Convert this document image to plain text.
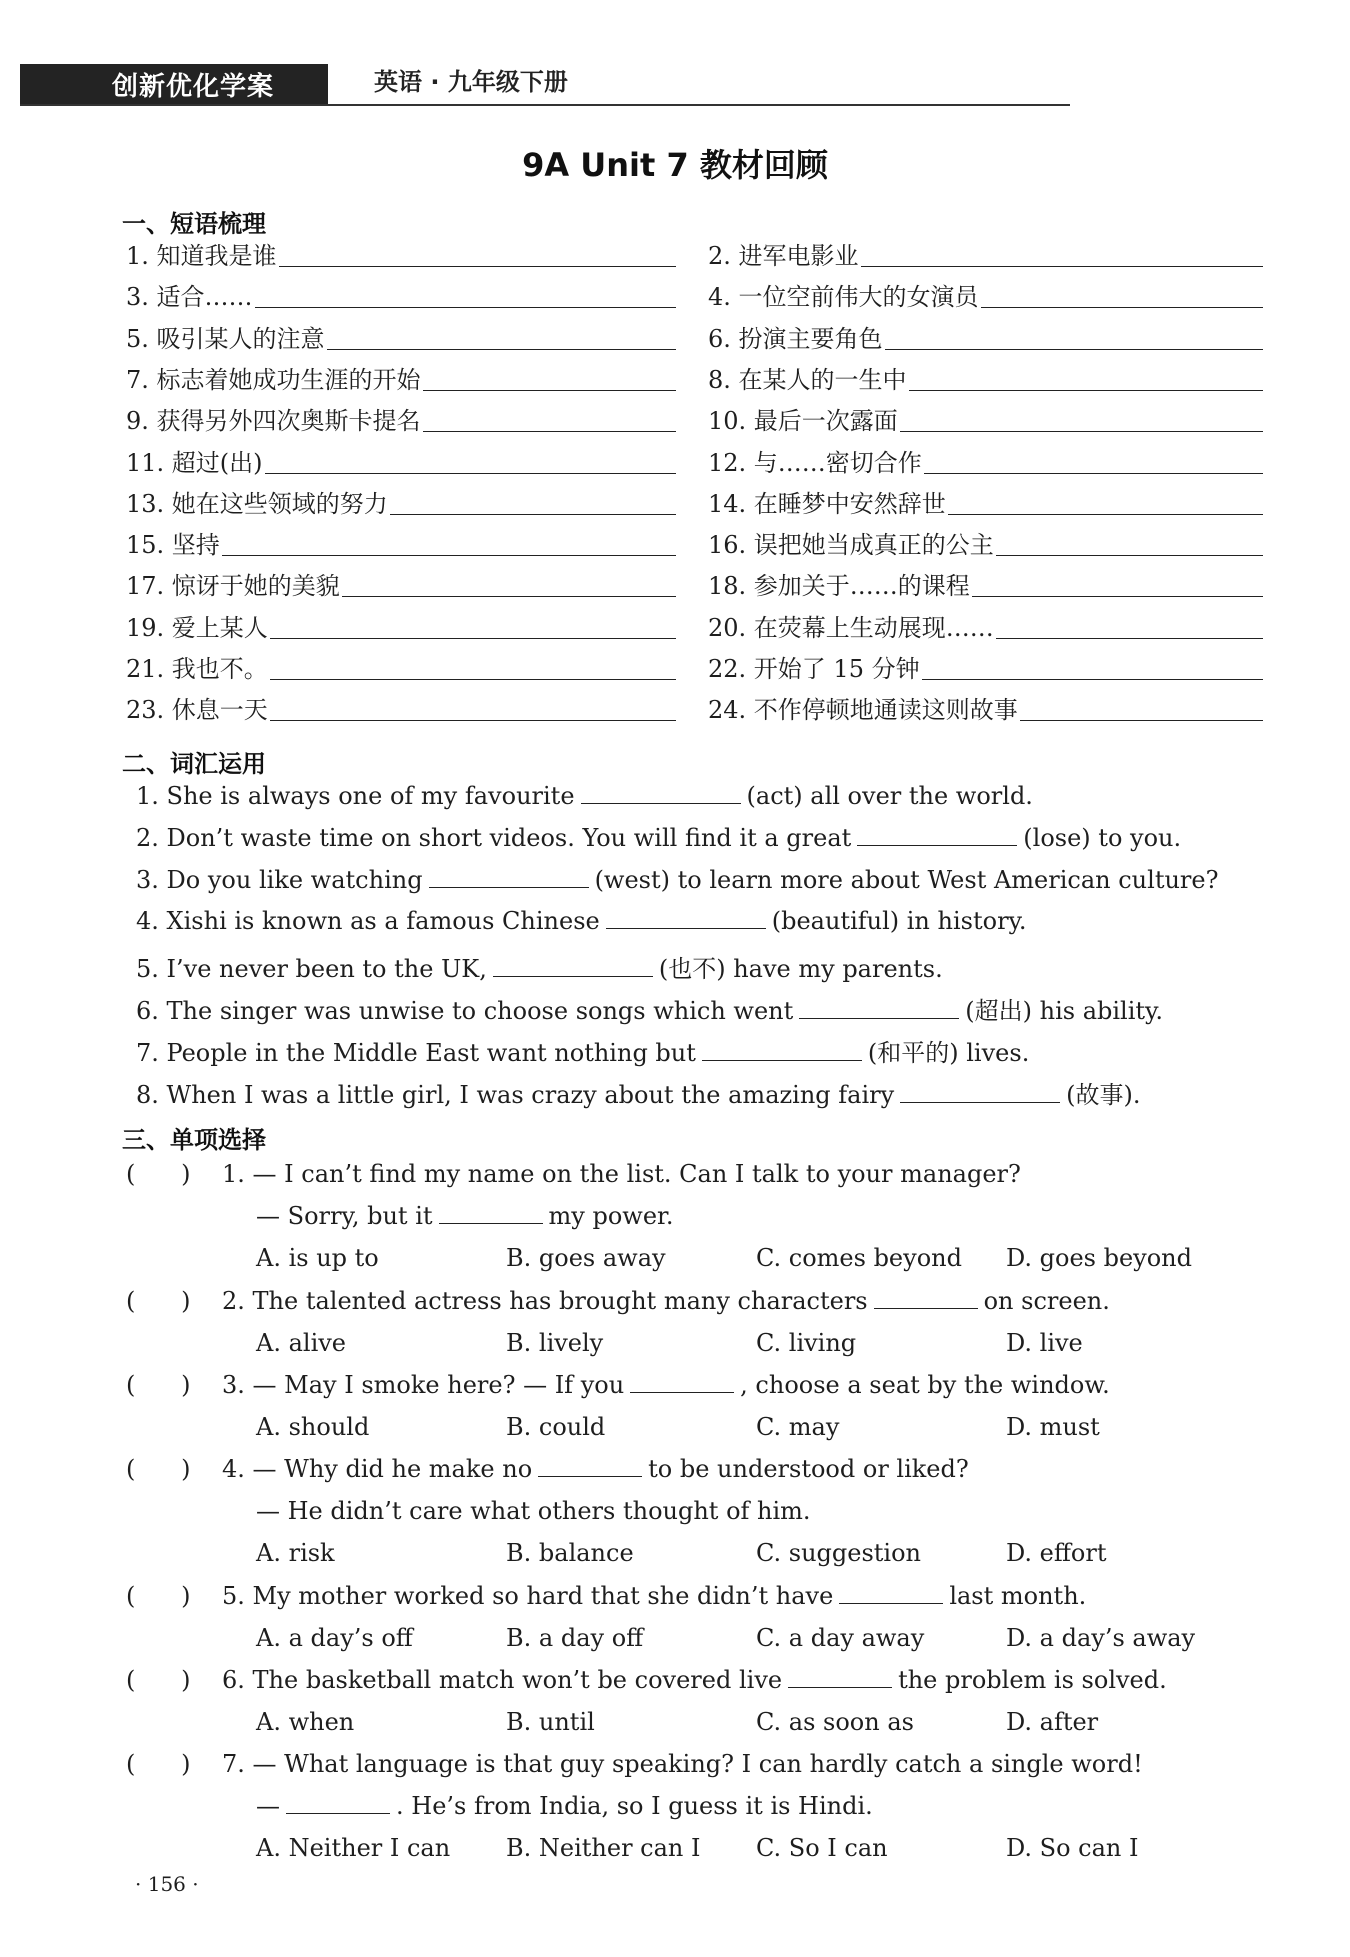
创新优化学案	英语 · 九年级下册
9A Unit 7 教材回顾
一、短语梳理
1. 知道我是谁	2. 进军电影业
3. 适合……	4. 一位空前伟大的女演员
5. 吸引某人的注意	6. 扮演主要角色
7. 标志着她成功生涯的开始	8. 在某人的一生中
9. 获得另外四次奥斯卡提名	10. 最后一次露面
11. 超过(出)	12. 与……密切合作
13. 她在这些领域的努力	14. 在睡梦中安然辞世
15. 坚持	16. 误把她当成真正的公主
17. 惊讶于她的美貌	18. 参加关于……的课程
19. 爱上某人	20. 在荧幕上生动展现……
21. 我也不。	22. 开始了 15 分钟
23. 休息一天	24. 不作停顿地通读这则故事
二、词汇运用
1. She is always one of my favourite	(act) all over the world.
2. Don’t waste time on short videos. You will find it a great	(lose) to you.
3. Do you like watching	(west) to learn more about West American culture?
4. Xishi is known as a famous Chinese	(beautiful) in history.
5. I’ve never been to the UK,	(也不) have my parents.
6. The singer was unwise to choose songs which went	(超出) his ability.
7. People in the Middle East want nothing but	(和平的) lives.
8. When I was a little girl, I was crazy about the amazing fairy	(故事).
三、单项选择
(      ) 1. — I can’t find my name on the list. Can I talk to your manager?
— Sorry, but it	my power.
A. is up to	B. goes away	C. comes beyond D. goes beyond
(      ) 2. The talented actress has brought many characters	on screen.
A. alive	B. lively	C. living	D. live
(      ) 3. — May I smoke here? — If you	, choose a seat by the window.
A. should	B. could	C. may	D. must
(      ) 4. — Why did he make no	to be understood or liked?
— He didn’t care what others thought of him.
A. risk	B. balance	C. suggestion	D. effort
(      ) 5. My mother worked so hard that she didn’t have	last month.
A. a day’s off	B. a day off	C. a day away	D. a day’s away
(      ) 6. The basketball match won’t be covered live	the problem is solved.
A. when	B. until	C. as soon as	D. after
(      ) 7. — What language is that guy speaking? I can hardly catch a single word!
—	. He’s from India, so I guess it is Hindi.
A. Neither I can B. Neither can I C. So I can	D. So can I
· 156 ·
